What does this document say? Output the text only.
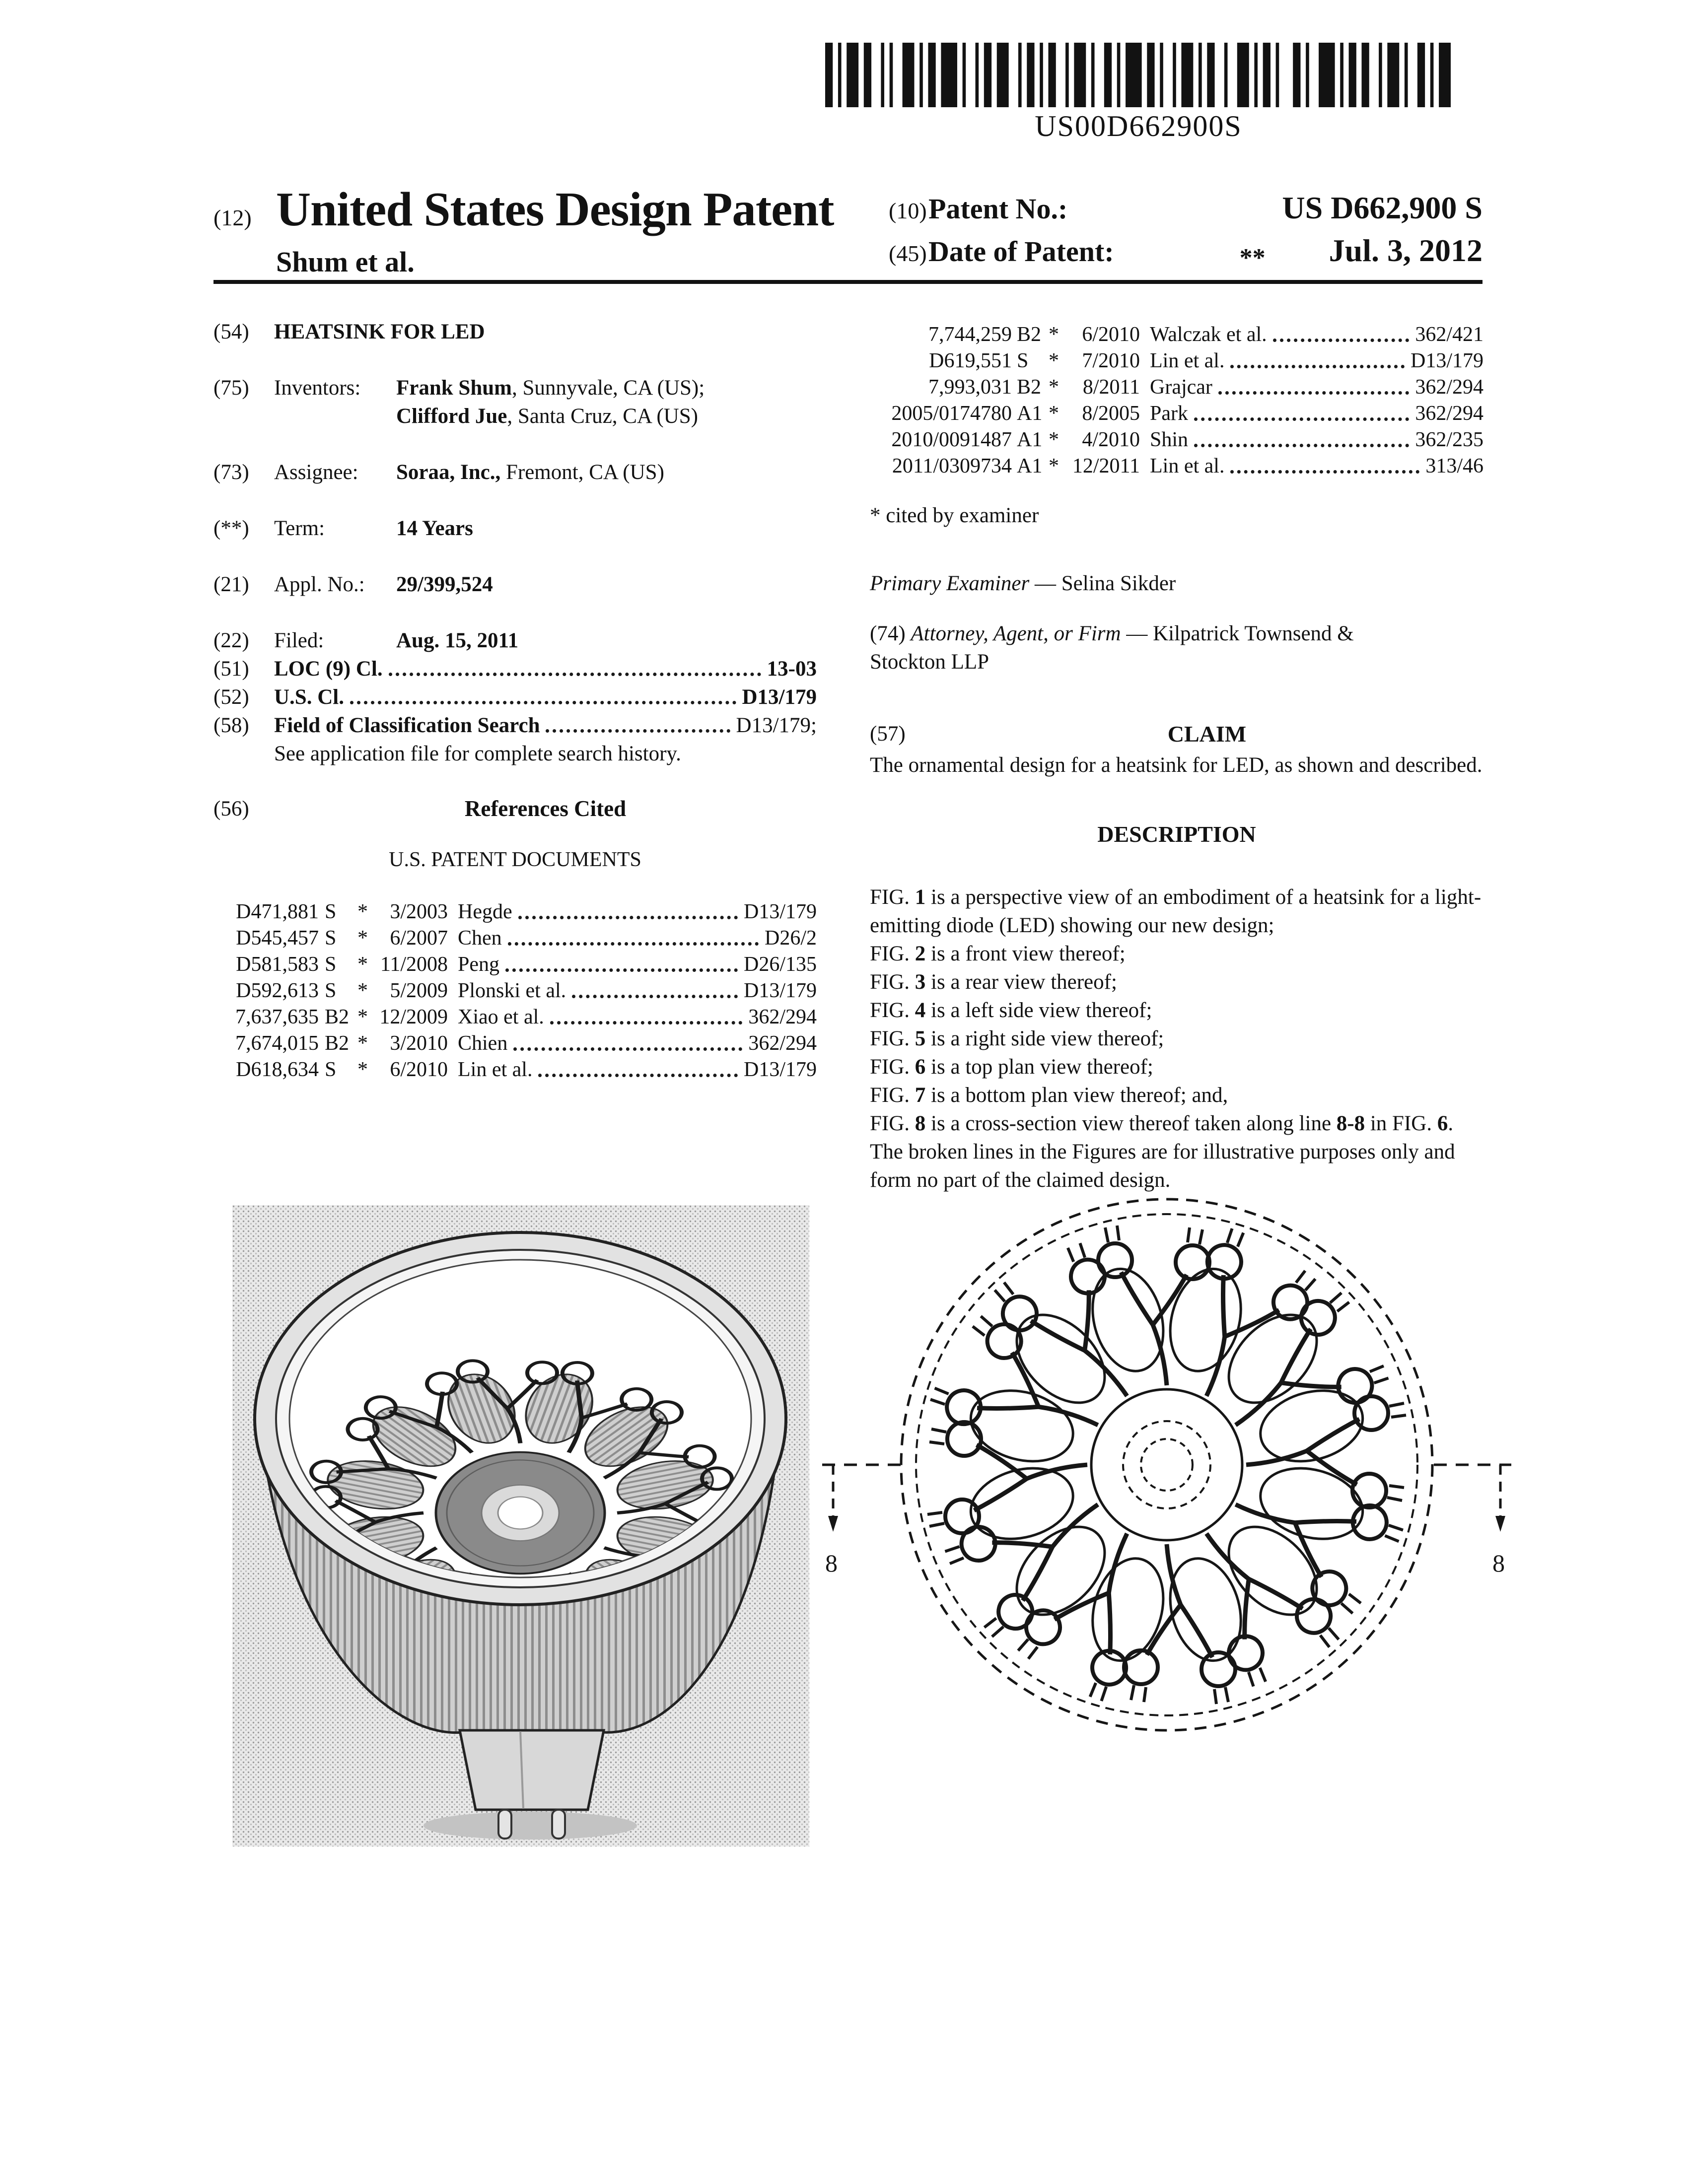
US00D662900S
(12) United States Design Patent
Shum et al.
(10) Patent No.:	US D662,900 S
(45) Date of Patent:	** Jul. 3, 2012
(54)	HEATSINK FOR LED
(75)	Inventors:	Frank Shum, Sunnyvale, CA (US);
Clifford Jue, Santa Cruz, CA (US)
(73)	Assignee:	Soraa, Inc., Fremont, CA (US)
(**)	Term:	14 Years
(21)	Appl. No.:	29/399,524
(22)	Filed:	Aug. 15, 2011
(51)	LOC (9) Cl.	13-03
(52)	U.S. Cl.	D13/179
(58)	Field of Classification Search	D13/179;
See application file for complete search history.
(56)	References Cited
U.S. PATENT DOCUMENTS
D471,881 S	*	3/2003 Hegde	D13/179
D545,457 S	*	6/2007 Chen	D26/2
D581,583 S	* 11/2008 Peng	D26/135
D592,613 S	*	5/2009 Plonski et al.	D13/179
7,637,635 B2 * 12/2009 Xiao et al.	362/294
7,674,015 B2 *	3/2010 Chien	362/294
D618,634 S	*	6/2010 Lin et al.	D13/179
7,744,259 B2 *	6/2010 Walczak et al.	362/421
D619,551 S *	7/2010 Lin et al.	D13/179
7,993,031 B2 *	8/2011 Grajcar	362/294
2005/0174780 A1 *	8/2005 Park	362/294
2010/0091487 A1 *	4/2010 Shin	362/235
2011/0309734 A1 * 12/2011 Lin et al.	313/46
* cited by examiner
Primary Examiner — Selina Sikder
(74) Attorney, Agent, or Firm — Kilpatrick Townsend &
Stockton LLP
(57)	CLAIM
The ornamental design for a heatsink for LED, as shown and described.
DESCRIPTION
FIG. 1 is a perspective view of an embodiment of a heatsink for a light-emitting diode (LED) showing our new design;
FIG. 2 is a front view thereof;
FIG. 3 is a rear view thereof;
FIG. 4 is a left side view thereof;
FIG. 5 is a right side view thereof;
FIG. 6 is a top plan view thereof;
FIG. 7 is a bottom plan view thereof; and,
FIG. 8 is a cross-section view thereof taken along line 8-8 in FIG. 6.
The broken lines in the Figures are for illustrative purposes only and form no part of the claimed design.
8	8
